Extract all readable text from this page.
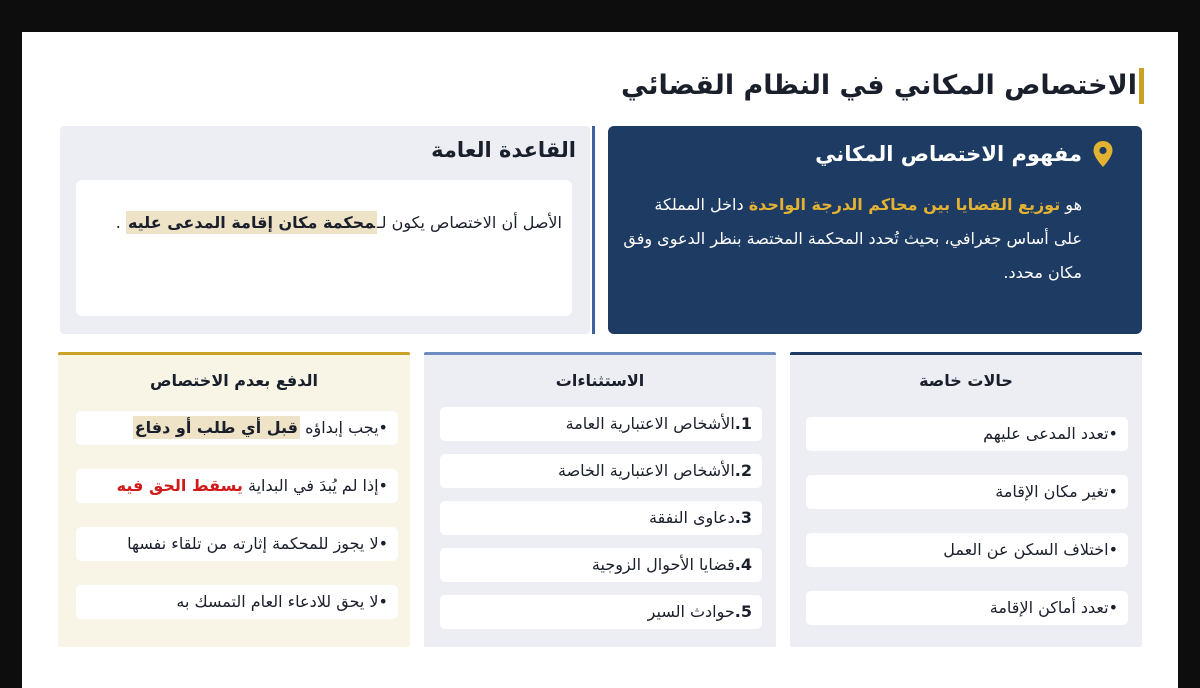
الاختصاص المكاني في النظام القضائي
مفهوم الاختصاص المكاني
هو توزيع القضايا بين محاكم الدرجة الواحدة داخل المملكة على أساس جغرافي، بحيث تُحدد المحكمة المختصة بنظر الدعوى وفق مكان محدد.
القاعدة العامة
الأصل أن الاختصاص يكون لـمحكمة مكان إقامة المدعى عليه .
حالات خاصة
•تعدد المدعى عليهم
•تغير مكان الإقامة
•اختلاف السكن عن العمل
•تعدد أماكن الإقامة
الاستثناءات
1.الأشخاص الاعتبارية العامة
2.الأشخاص الاعتبارية الخاصة
3.دعاوى النفقة
4.قضايا الأحوال الزوجية
5.حوادث السير
الدفع بعدم الاختصاص
•يجب إبداؤه قبل أي طلب أو دفاع
•إذا لم يُبدَ في البداية يسقط الحق فيه
•لا يجوز للمحكمة إثارته من تلقاء نفسها
•لا يحق للادعاء العام التمسك به
